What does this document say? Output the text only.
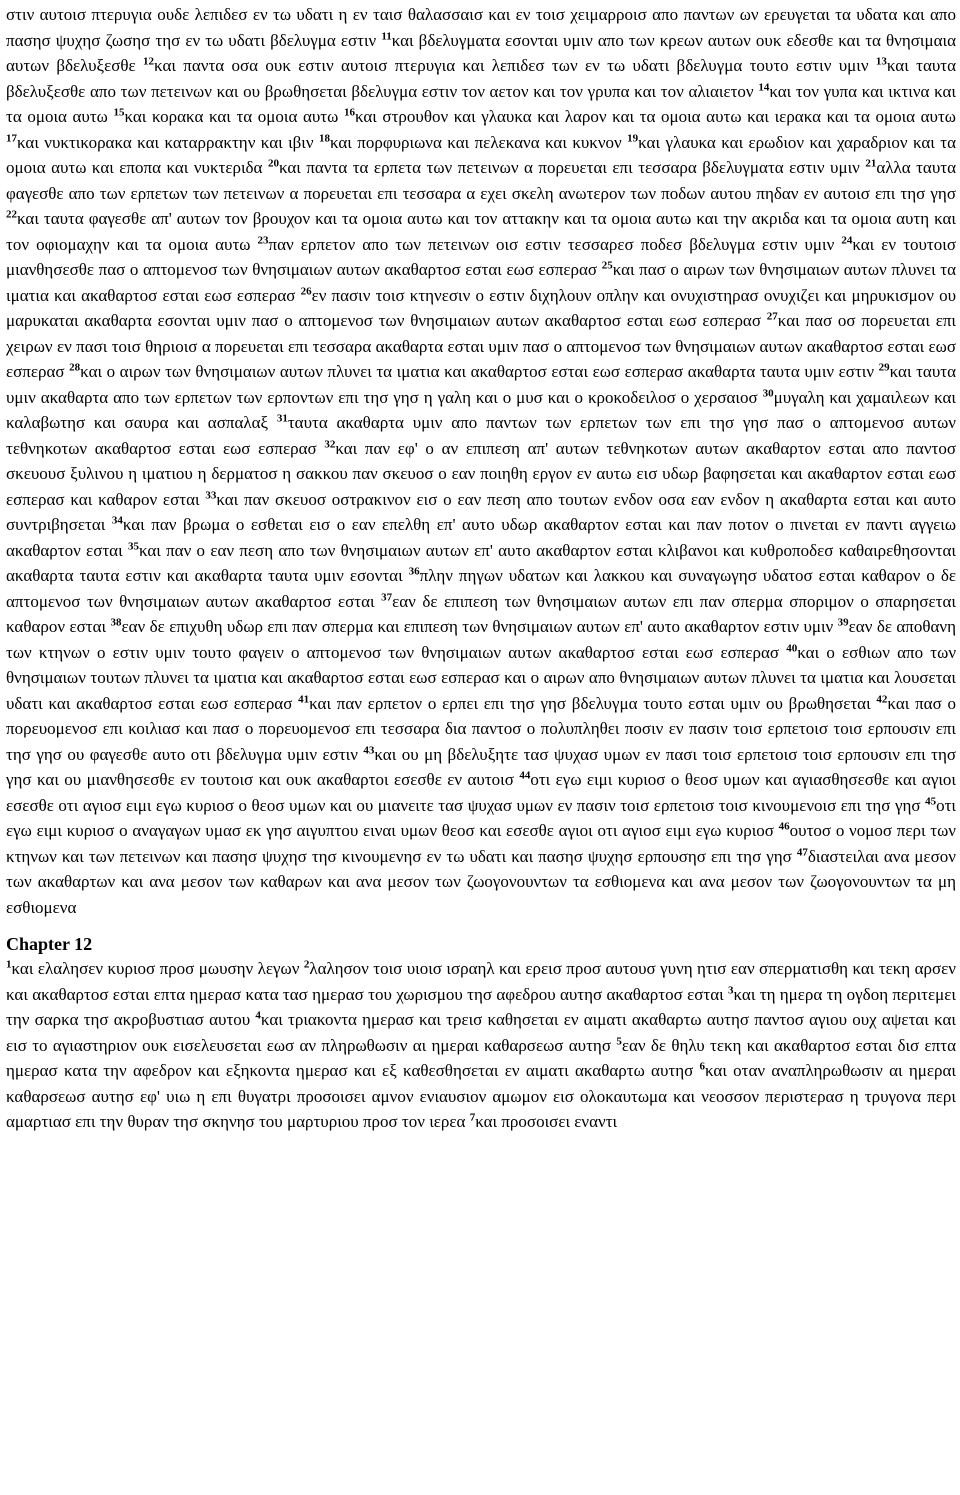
στιν αυτοισ πτερυγια ουδε λεπιδεσ εν τω υδατι η εν ταισ θαλασσαισ και εν τοισ χειμαρροισ απο παντων ων ερευγεται τα υδατα και απο πασησ ψυχησ ζωσησ τησ εν τω υδατι βδελυγμα εστιν $^{11}$και βδελυγματα εσονται υμιν απο των κρεων αυτων ουκ εδεσθε και τα θνησιμαια αυτων βδελυξεσθε $^{12}$και παντα οσα ουκ εστιν αυτοισ πτερυγια και λεπιδεσ των εν τω υδατι βδελυγμα τουτο εστιν υμιν $^{13}$και ταυτα βδελυξεσθε απο των πετεινων και ου βρωθησεται βδελυγμα εστιν τον αετον και τον γρυπα και τον αλιαιετον $^{14}$και τον γυπα και ικτινα και τα ομοια αυτω $^{15}$και κορακα και τα ομοια αυτω $^{16}$και στρουθον και γλαυκα και λαρον και τα ομοια αυτω και ιερακα και τα ομοια αυτω $^{17}$και νυκτικορακα και καταρρακτην και ιβιν $^{18}$και πορφυριωνα και πελεκανα και κυκνον $^{19}$και γλαυκα και ερωδιον και χαραδριον και τα ομοια αυτω και εποπα και νυκτεριδα $^{20}$και παντα τα ερπετα των πετεινων α πορευεται επι τεσσαρα βδελυγματα εστιν υμιν $^{21}$αλλα ταυτα φαγεσθε απο των ερπετων των πετεινων α πορευεται επι τεσσαρα α εχει σκελη ανωτερον των ποδων αυτου πηδαν εν αυτοισ επι τησ γησ $^{22}$και ταυτα φαγεσθε απ' αυτων τον βρουχον και τα ομοια αυτω και τον αττακην και τα ομοια αυτω και την ακριδα και τα ομοια αυτη και τον οφιομαχην και τα ομοια αυτω $^{23}$παν ερπετον απο των πετεινων οισ εστιν τεσσαρεσ ποδεσ βδελυγμα εστιν υμιν $^{24}$και εν τουτοισ μιανθησεσθε πασ ο απτομενοσ των θνησιμαιων αυτων ακαθαρτοσ εσται εωσ εσπερασ $^{25}$και πασ ο αιρων των θνησιμαιων αυτων πλυνει τα ιματια και ακαθαρτοσ εσται εωσ εσπερασ $^{26}$εν πασιν τοισ κτηνεσιν ο εστιν διχηλουν οπλην και ονυχιστηρασ ονυχιζει και μηρυκισμον ου μαρυκαται ακαθαρτα εσονται υμιν πασ ο απτομενοσ των θνησιμαιων αυτων ακαθαρτοσ εσται εωσ εσπερασ $^{27}$και πασ οσ πορευεται επι χειρων εν πασι τοισ θηριοισ α πορευεται επι τεσσαρα ακαθαρτα εσται υμιν πασ ο απτομενοσ των θνησιμαιων αυτων ακαθαρτοσ εσται εωσ εσπερασ $^{28}$και ο αιρων των θνησιμαιων αυτων πλυνει τα ιματια και ακαθαρτοσ εσται εωσ εσπερασ ακαθαρτα ταυτα υμιν εστιν $^{29}$και ταυτα υμιν ακαθαρτα απο των ερπετων των ερποντων επι τησ γησ η γαλη και ο μυσ και ο κροκοδειλοσ ο χερσαιοσ $^{30}$μυγαλη και χαμαιλεων και καλαβωτησ και σαυρα και ασπαλαξ $^{31}$ταυτα ακαθαρτα υμιν απο παντων των ερπετων των επι τησ γησ πασ ο απτομενοσ αυτων τεθνηκοτων ακαθαρτοσ εσται εωσ εσπερασ $^{32}$και παν εφ' ο αν επιπεση απ' αυτων τεθνηκοτων αυτων ακαθαρτον εσται απο παντοσ σκευουσ ξυλινου η ιματιου η δερματοσ η σακκου παν σκευοσ ο εαν ποιηθη εργον εν αυτω εισ υδωρ βαφησεται και ακαθαρτον εσται εωσ εσπερασ και καθαρον εσται $^{33}$και παν σκευοσ οστρακινον εισ ο εαν πεση απο τουτων ενδον οσα εαν ενδον η ακαθαρτα εσται και αυτο συντριβησεται $^{34}$και παν βρωμα ο εσθεται εισ ο εαν επελθη επ' αυτο υδωρ ακαθαρτον εσται και παν ποτον ο πινεται εν παντι αγγειω ακαθαρτον εσται $^{35}$και παν ο εαν πεση απο των θνησιμαιων αυτων επ' αυτο ακαθαρτον εσται κλιβανοι και κυθροποδεσ καθαιρεθησονται ακαθαρτα ταυτα εστιν και ακαθαρτα ταυτα υμιν εσονται $^{36}$πλην πηγων υδατων και λακκου και συναγωγησ υδατοσ εσται καθαρον ο δε απτομενοσ των θνησιμαιων αυτων ακαθαρτοσ εσται $^{37}$εαν δε επιπεση των θνησιμαιων αυτων επι παν σπερμα σποριμον ο σπαρησεται καθαρον εσται $^{38}$εαν δε επιχυθη υδωρ επι παν σπερμα και επιπεση των θνησιμαιων αυτων επ' αυτο ακαθαρτον εστιν υμιν $^{39}$εαν δε αποθανη των κτηνων ο εστιν υμιν τουτο φαγειν ο απτομενοσ των θνησιμαιων αυτων ακαθαρτοσ εσται εωσ εσπερασ $^{40}$και ο εσθιων απο των θνησιμαιων τουτων πλυνει τα ιματια και ακαθαρτοσ εσται εωσ εσπερασ και ο αιρων απο θνησιμαιων αυτων πλυνει τα ιματια και λουσεται υδατι και ακαθαρτοσ εσται εωσ εσπερασ $^{41}$και παν ερπετον ο ερπει επι τησ γησ βδελυγμα τουτο εσται υμιν ου βρωθησεται $^{42}$και πασ ο πορευομενοσ επι κοιλιασ και πασ ο πορευομενοσ επι τεσσαρα δια παντοσ ο πολυπληθει ποσιν εν πασιν τοισ ερπετοισ τοισ ερπουσιν επι τησ γησ ου φαγεσθε αυτο οτι βδελυγμα υμιν εστιν $^{43}$και ου μη βδελυξητε τασ ψυχασ υμων εν πασι τοισ ερπετοισ τοισ ερπουσιν επι τησ γησ και ου μιανθησεσθε εν τουτοισ και ουκ ακαθαρτοι εσεσθε εν αυτοισ $^{44}$οτι εγω ειμι κυριοσ ο θεοσ υμων και αγιασθησεσθε και αγιοι εσεσθε οτι αγιοσ ειμι εγω κυριοσ ο θεοσ υμων και ου μιανειτε τασ ψυχασ υμων εν πασιν τοισ ερπετοισ τοισ κινουμενοισ επι τησ γησ $^{45}$οτι εγω ειμι κυριοσ ο αναγαγων υμασ εκ γησ αιγυπτου ειναι υμων θεοσ και εσεσθε αγιοι οτι αγιοσ ειμι εγω κυριοσ $^{46}$ουτοσ ο νομοσ περι των κτηνων και των πετεινων και πασησ ψυχησ τησ κινουμενησ εν τω υδατι και πασησ ψυχησ ερπουσησ επι τησ γησ $^{47}$διαστειλαι ανα μεσον των ακαθαρτων και ανα μεσον των καθαρων και ανα μεσον των ζωογονουντων τα εσθιομενα και ανα μεσον των ζωογονουντων τα μη εσθιομενα

Chapter 12

$^1$και ελαλησεν κυριοσ προσ μωυσην λεγων $^2$λαλησον τοισ υιοισ ισραηλ και ερεισ προσ αυτουσ γυνη ητισ εαν σπερματισθη και τεκη αρσεν και ακαθαρτοσ εσται επτα ημερασ κατα τασ ημερασ του χωρισμου τησ αφεδρου αυτησ ακαθαρτοσ εσται $^3$και τη ημερα τη ογδοη περιτεμει την σαρκα τησ ακροβυστιασ αυτου $^4$και τριακοντα ημερασ και τρεισ καθησεται εν αιματι ακαθαρτω αυτησ παντοσ αγιου ουχ αψεται και εισ το αγιαστηριον ουκ εισελευσεται εωσ αν πληρωθωσιν αι ημεραι καθαρσεωσ αυτησ $^5$εαν δε θηλυ τεκη και ακαθαρτοσ εσται δισ επτα ημερασ κατα την αφεδρον και εξηκοντα ημερασ και εξ καθεσθησεται εν αιματι ακαθαρτω αυτησ $^6$και οταν αναπληρωθωσιν αι ημεραι καθαρσεωσ αυτησ εφ' υιω η επι θυγατρι προσοισει αμνον ενιαυσιον αμωμον εισ ολοκαυτωμα και νεοσσον περιστερασ η τρυγονα περι αμαρτιασ επι την θυραν τησ σκηνησ του μαρτυριου προσ τον ιερεα $^7$και προσοισει εναντι
